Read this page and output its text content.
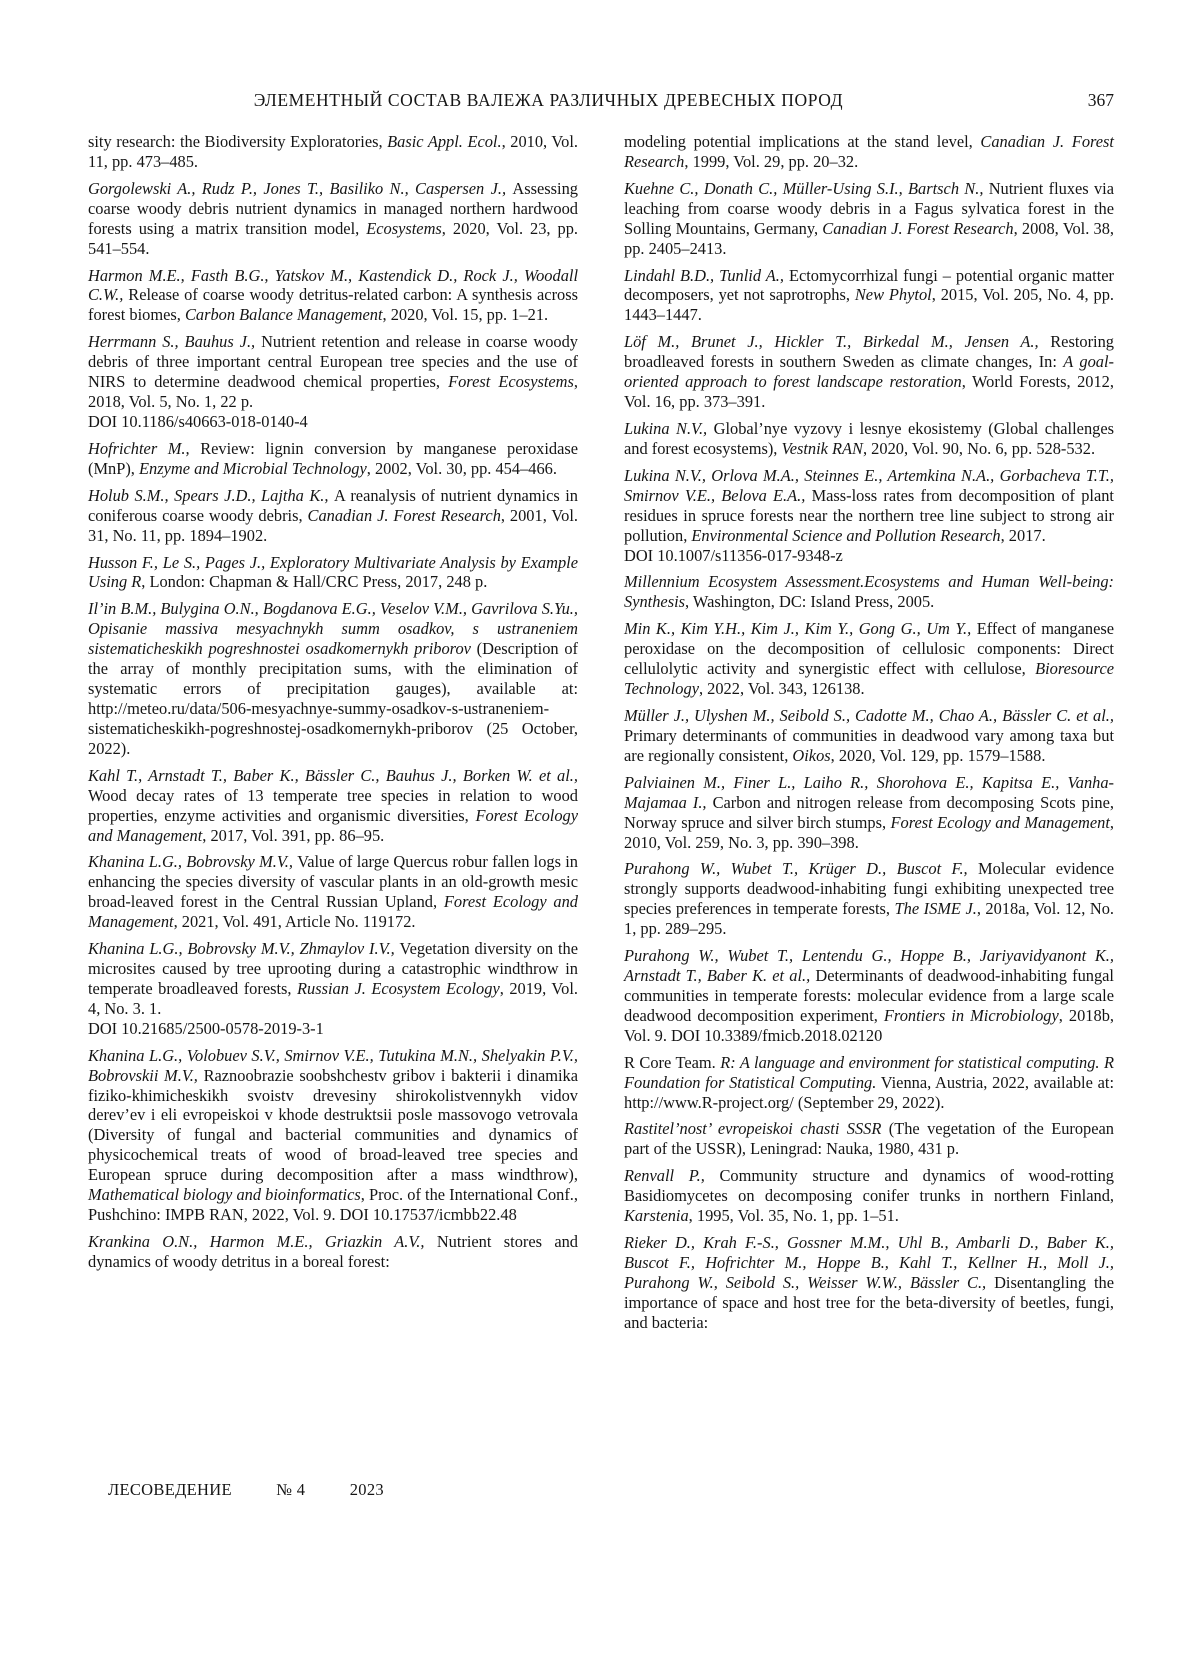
ЭЛЕМЕНТНЫЙ СОСТАВ ВАЛЕЖА РАЗЛИЧНЫХ ДРЕВЕСНЫХ ПОРОД	367

sity research: the Biodiversity Exploratories, Basic Appl. Ecol., 2010, Vol. 11, pp. 473–485.

Gorgolewski A., Rudz P., Jones T., Basiliko N., Caspersen J., Assessing coarse woody debris nutrient dynamics in managed northern hardwood forests using a matrix transition model, Ecosystems, 2020, Vol. 23, pp. 541–554.

Harmon M.E., Fasth B.G., Yatskov M., Kastendick D., Rock J., Woodall C.W., Release of coarse woody detritus-related carbon: A synthesis across forest biomes, Carbon Balance Management, 2020, Vol. 15, pp. 1–21.

Herrmann S., Bauhus J., Nutrient retention and release in coarse woody debris of three important central European tree species and the use of NIRS to determine deadwood chemical properties, Forest Ecosystems, 2018, Vol. 5, No. 1, 22 p.
DOI 10.1186/s40663-018-0140-4

Hofrichter M., Review: lignin conversion by manganese peroxidase (MnP), Enzyme and Microbial Technology, 2002, Vol. 30, pp. 454–466.

Holub S.M., Spears J.D., Lajtha K., A reanalysis of nutrient dynamics in coniferous coarse woody debris, Canadian J. Forest Research, 2001, Vol. 31, No. 11, pp. 1894–1902.

Husson F., Le S., Pages J., Exploratory Multivariate Analysis by Example Using R, London: Chapman & Hall/CRC Press, 2017, 248 p.

Il’in B.M., Bulygina O.N., Bogdanova E.G., Veselov V.M., Gavrilova S.Yu., Opisanie massiva mesyachnykh summ osadkov, s ustraneniem sistematicheskikh pogreshnostei osadkomernykh priborov (Description of the array of monthly precipitation sums, with the elimination of systematic errors of precipitation gauges), available at: http://meteo.ru/data/506-mesyachnye-summy-osadkov-s-ustraneniem-sistematicheskikh-pogreshnostej-osadkomernykh-priborov (25 October, 2022).

Kahl T., Arnstadt T., Baber K., Bässler C., Bauhus J., Borken W. et al., Wood decay rates of 13 temperate tree species in relation to wood properties, enzyme activities and organismic diversities, Forest Ecology and Management, 2017, Vol. 391, pp. 86–95.

Khanina L.G., Bobrovsky M.V., Value of large Quercus robur fallen logs in enhancing the species diversity of vascular plants in an old-growth mesic broad-leaved forest in the Central Russian Upland, Forest Ecology and Management, 2021, Vol. 491, Article No. 119172.

Khanina L.G., Bobrovsky M.V., Zhmaylov I.V., Vegetation diversity on the microsites caused by tree uprooting during a catastrophic windthrow in temperate broadleaved forests, Russian J. Ecosystem Ecology, 2019, Vol. 4, No. 3. 1.
DOI 10.21685/2500-0578-2019-3-1

Khanina L.G., Volobuev S.V., Smirnov V.E., Tutukina M.N., Shelyakin P.V., Bobrovskii M.V., Raznoobrazie soobshchestv gribov i bakterii i dinamika fiziko-khimicheskikh svoistv drevesiny shirokolistvennykh vidov derev’ev i eli evropeiskoi v khode destruktsii posle massovogo vetrovala (Diversity of fungal and bacterial communities and dynamics of physicochemical treats of wood of broad-leaved tree species and European spruce during decomposition after a mass windthrow), Mathematical biology and bioinformatics, Proc. of the International Conf., Pushchino: IMPB RAN, 2022, Vol. 9. DOI 10.17537/icmbb22.48

Krankina O.N., Harmon M.E., Griazkin A.V., Nutrient stores and dynamics of woody detritus in a boreal forest:

modeling potential implications at the stand level, Canadian J. Forest Research, 1999, Vol. 29, pp. 20–32.

Kuehne C., Donath C., Müller-Using S.I., Bartsch N., Nutrient fluxes via leaching from coarse woody debris in a Fagus sylvatica forest in the Solling Mountains, Germany, Canadian J. Forest Research, 2008, Vol. 38, pp. 2405–2413.

Lindahl B.D., Tunlid A., Ectomycorrhizal fungi – potential organic matter decomposers, yet not saprotrophs, New Phytol, 2015, Vol. 205, No. 4, pp. 1443–1447.

Löf M., Brunet J., Hickler T., Birkedal M., Jensen A., Restoring broadleaved forests in southern Sweden as climate changes, In: A goal-oriented approach to forest landscape restoration, World Forests, 2012, Vol. 16, pp. 373–391.

Lukina N.V., Global’nye vyzovy i lesnye ekosistemy (Global challenges and forest ecosystems), Vestnik RAN, 2020, Vol. 90, No. 6, pp. 528-532.

Lukina N.V., Orlova M.A., Steinnes E., Artemkina N.A., Gorbacheva T.T., Smirnov V.E., Belova E.A., Mass-loss rates from decomposition of plant residues in spruce forests near the northern tree line subject to strong air pollution, Environmental Science and Pollution Research, 2017.
DOI 10.1007/s11356-017-9348-z

Millennium Ecosystem Assessment.Ecosystems and Human Well-being: Synthesis, Washington, DC: Island Press, 2005.

Min K., Kim Y.H., Kim J., Kim Y., Gong G., Um Y., Effect of manganese peroxidase on the decomposition of cellulosic components: Direct cellulolytic activity and synergistic effect with cellulose, Bioresource Technology, 2022, Vol. 343, 126138.

Müller J., Ulyshen M., Seibold S., Cadotte M., Chao A., Bässler C. et al., Primary determinants of communities in deadwood vary among taxa but are regionally consistent, Oikos, 2020, Vol. 129, pp. 1579–1588.

Palviainen M., Finer L., Laiho R., Shorohova E., Kapitsa E., Vanha-Majamaa I., Carbon and nitrogen release from decomposing Scots pine, Norway spruce and silver birch stumps, Forest Ecology and Management, 2010, Vol. 259, No. 3, pp. 390–398.

Purahong W., Wubet T., Krüger D., Buscot F., Molecular evidence strongly supports deadwood-inhabiting fungi exhibiting unexpected tree species preferences in temperate forests, The ISME J., 2018a, Vol. 12, No. 1, pp. 289–295.

Purahong W., Wubet T., Lentendu G., Hoppe B., Jariyavidyanont K., Arnstadt T., Baber K. et al., Determinants of deadwood-inhabiting fungal communities in temperate forests: molecular evidence from a large scale deadwood decomposition experiment, Frontiers in Microbiology, 2018b, Vol. 9. DOI 10.3389/fmicb.2018.02120

R Core Team. R: A language and environment for statistical computing. R Foundation for Statistical Computing. Vienna, Austria, 2022, available at: http://www.R-project.org/ (September 29, 2022).

Rastitel’nost’ evropeiskoi chasti SSSR (The vegetation of the European part of the USSR), Leningrad: Nauka, 1980, 431 p.

Renvall P., Community structure and dynamics of wood-rotting Basidiomycetes on decomposing conifer trunks in northern Finland, Karstenia, 1995, Vol. 35, No. 1, pp. 1–51.

Rieker D., Krah F.-S., Gossner M.M., Uhl B., Ambarli D., Baber K., Buscot F., Hofrichter M., Hoppe B., Kahl T., Kellner H., Moll J., Purahong W., Seibold S., Weisser W.W., Bässler C., Disentangling the importance of space and host tree for the beta-diversity of beetles, fungi, and bacteria:

ЛЕСОВЕДЕНИЕ	№ 4	2023
